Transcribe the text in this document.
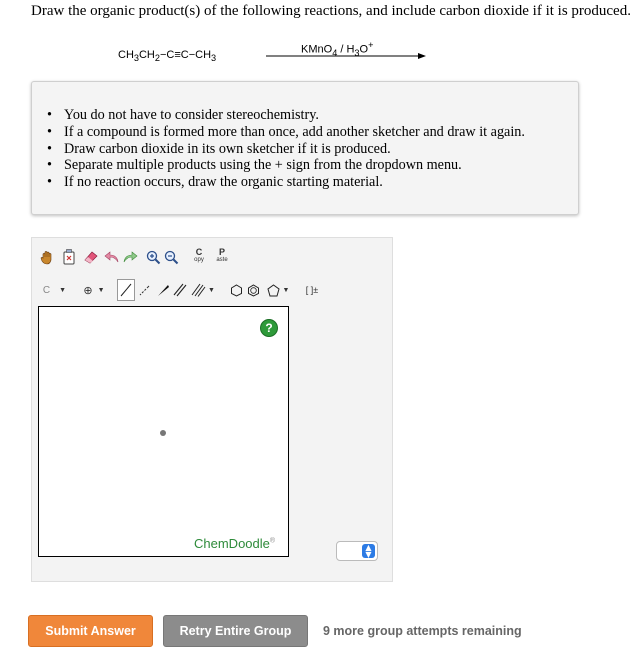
Draw the organic product(s) of the following reactions, and include carbon dioxide if it is produced.
$CH_3CH_2-C\equiv C-CH_3$
KMnO$_4$ / $H_3O^+$
• You do not have to consider stereochemistry.
• If a compound is formed more than once, add another sketcher and draw it again.
• Draw carbon dioxide in its own sketcher if it is produced.
• Separate multiple products using the + sign from the dropdown menu.
• If no reaction occurs, draw the organic starting material.
C
opy
P
aste
C ▼ ⊕ ▼	▼	▼ [ ]±
?
ChemDoodle®
▲
▼
Submit Answer	Retry Entire Group	9 more group attempts remaining
